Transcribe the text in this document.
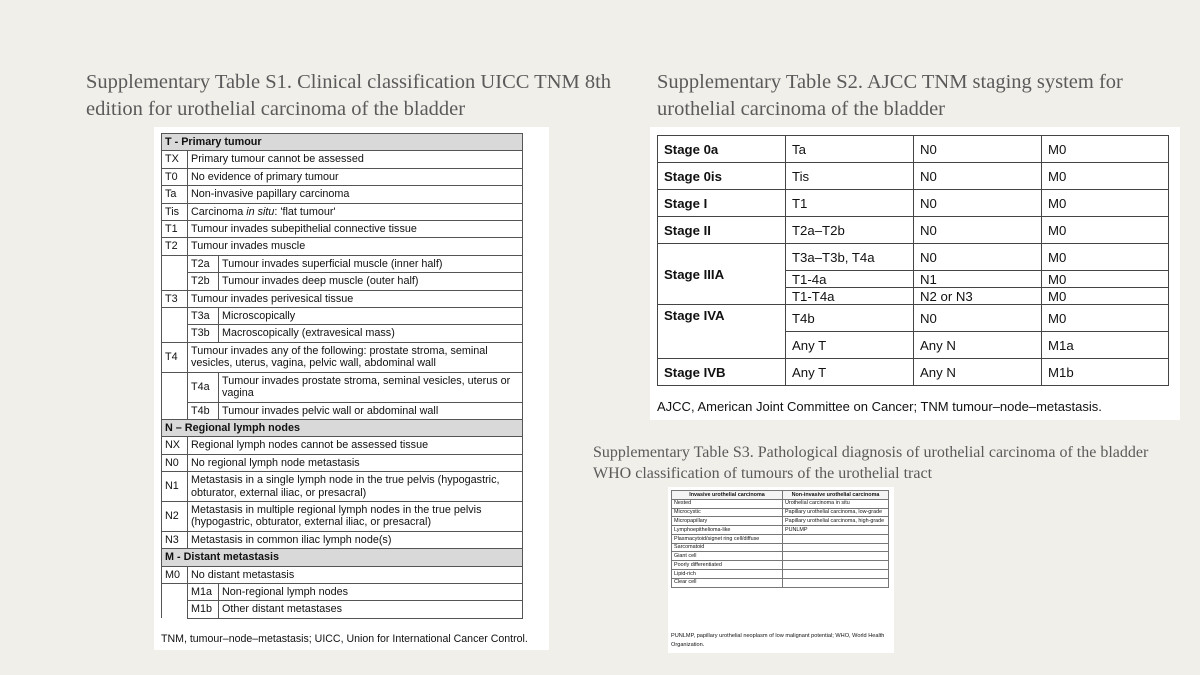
Supplementary Table S1. Clinical classification UICC TNM 8th edition for urothelial carcinoma of the bladder
Supplementary Table S2. AJCC TNM staging system for urothelial carcinoma of the bladder
Supplementary Table S3. Pathological diagnosis of urothelial carcinoma of the bladder WHO classification of tumours of the urothelial tract
T - Primary tumour		
TX	Primary tumour cannot be assessed	
T0	No evidence of primary tumour	
Ta	Non-invasive papillary carcinoma	
Tis	Carcinoma in situ: 'flat tumour'	
T1	Tumour invades subepithelial connective tissue	
T2	Tumour invades muscle	
	T2a	Tumour invades superficial muscle (inner half)
	T2b	Tumour invades deep muscle (outer half)
T3	Tumour invades perivesical tissue	
	T3a	Microscopically
	T3b	Macroscopically (extravesical mass)
T4	Tumour invades any of the following: prostate stroma, seminal vesicles, uterus, vagina, pelvic wall, abdominal wall	
	T4a	Tumour invades prostate stroma, seminal vesicles, uterus or vagina
	T4b	Tumour invades pelvic wall or abdominal wall
N – Regional lymph nodes		
NX	Regional lymph nodes cannot be assessed tissue	
N0	No regional lymph node metastasis	
N1	Metastasis in a single lymph node in the true pelvis (hypogastric, obturator, external iliac, or presacral)	
N2	Metastasis in multiple regional lymph nodes in the true pelvis (hypogastric, obturator, external iliac, or presacral)	
N3	Metastasis in common iliac lymph node(s)	
M - Distant metastasis		
M0	No distant metastasis	
	M1a	Non-regional lymph nodes
	M1b	Other distant metastases
TNM, tumour–node–metastasis; UICC, Union for International Cancer Control.
Stage 0a	Ta	N0	M0
Stage 0is	Tis	N0	M0
Stage I	T1	N0	M0
Stage II	T2a–T2b	N0	M0
Stage IIIA	T3a–T3b, T4a	N0	M0
	T1-4a	N1	M0
	T1-T4a	N2 or N3	M0
Stage IVA	T4b	N0	M0
	Any T	Any N	M1a
Stage IVB	Any T	Any N	M1b
AJCC, American Joint Committee on Cancer; TNM tumour–node–metastasis.
Invasive urothelial carcinoma	Non-invasive urothelial carcinoma
Nested	Urothelial carcinoma in situ
Microcystic	Papillary urothelial carcinoma, low-grade
Micropapillary	Papillary urothelial carcinoma, high-grade
Lymphoepithelioma-like	PUNLMP
Plasmacytoid/signet ring cell/diffuse	
Sarcomatoid	
Giant cell	
Poorly differentiated	
Lipid-rich	
Clear cell	
PUNLMP, papillary urothelial neoplasm of low malignant potential; WHO, World Health Organization.
